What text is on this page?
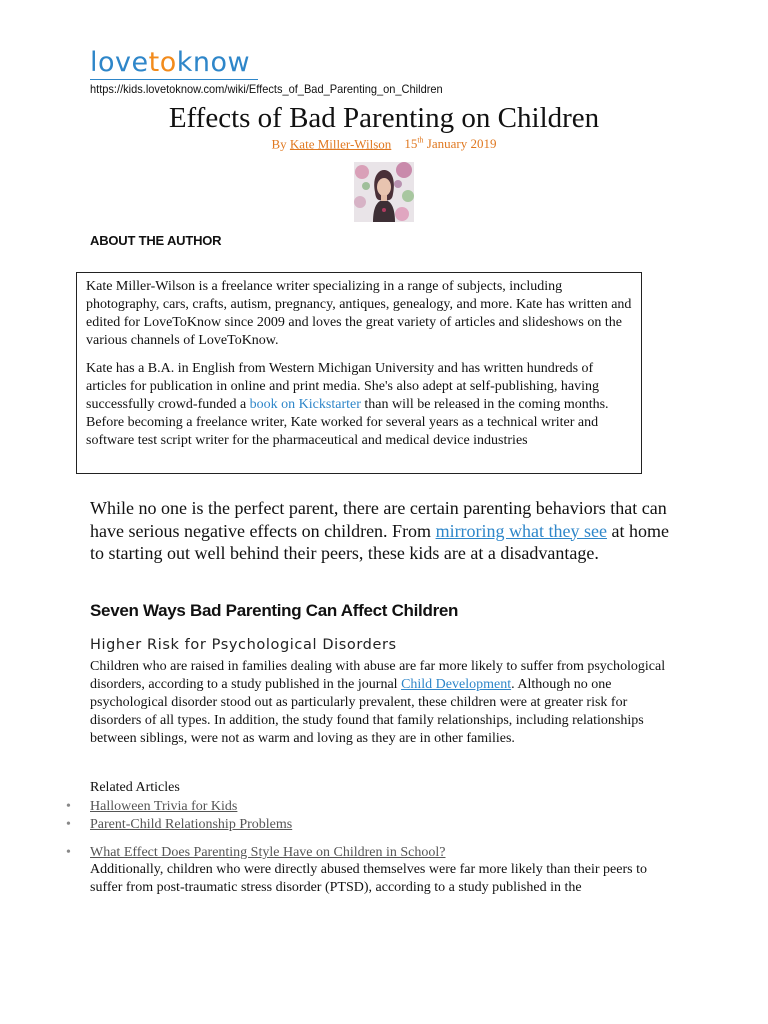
lovetoknow
https://kids.lovetoknow.com/wiki/Effects_of_Bad_Parenting_on_Children
Effects of Bad Parenting on Children
By Kate Miller-Wilson 15th January 2019
ABOUT THE AUTHOR

Kate Miller-Wilson is a freelance writer specializing in a range of subjects, including photography, cars, crafts, autism, pregnancy, antiques, genealogy, and more. Kate has written and edited for LoveToKnow since 2009 and loves the great variety of articles and slideshows on the various channels of LoveToKnow.

Kate has a B.A. in English from Western Michigan University and has written hundreds of articles for publication in online and print media. She's also adept at self-publishing, having successfully crowd-funded a book on Kickstarter than will be released in the coming months. Before becoming a freelance writer, Kate worked for several years as a technical writer and software test script writer for the pharmaceutical and medical device industries

While no one is the perfect parent, there are certain parenting behaviors that can have serious negative effects on children. From mirroring what they see at home to starting out well behind their peers, these kids are at a disadvantage.
Seven Ways Bad Parenting Can Affect Children
Higher Risk for Psychological Disorders
Children who are raised in families dealing with abuse are far more likely to suffer from psychological disorders, according to a study published in the journal Child Development. Although no one psychological disorder stood out as particularly prevalent, these children were at greater risk for disorders of all types. In addition, the study found that family relationships, including relationships between siblings, were not as warm and loving as they are in other families.
Related Articles
• Halloween Trivia for Kids
• Parent-Child Relationship Problems
• What Effect Does Parenting Style Have on Children in School?
Additionally, children who were directly abused themselves were far more likely than their peers to suffer from post-traumatic stress disorder (PTSD), according to a study published in the
